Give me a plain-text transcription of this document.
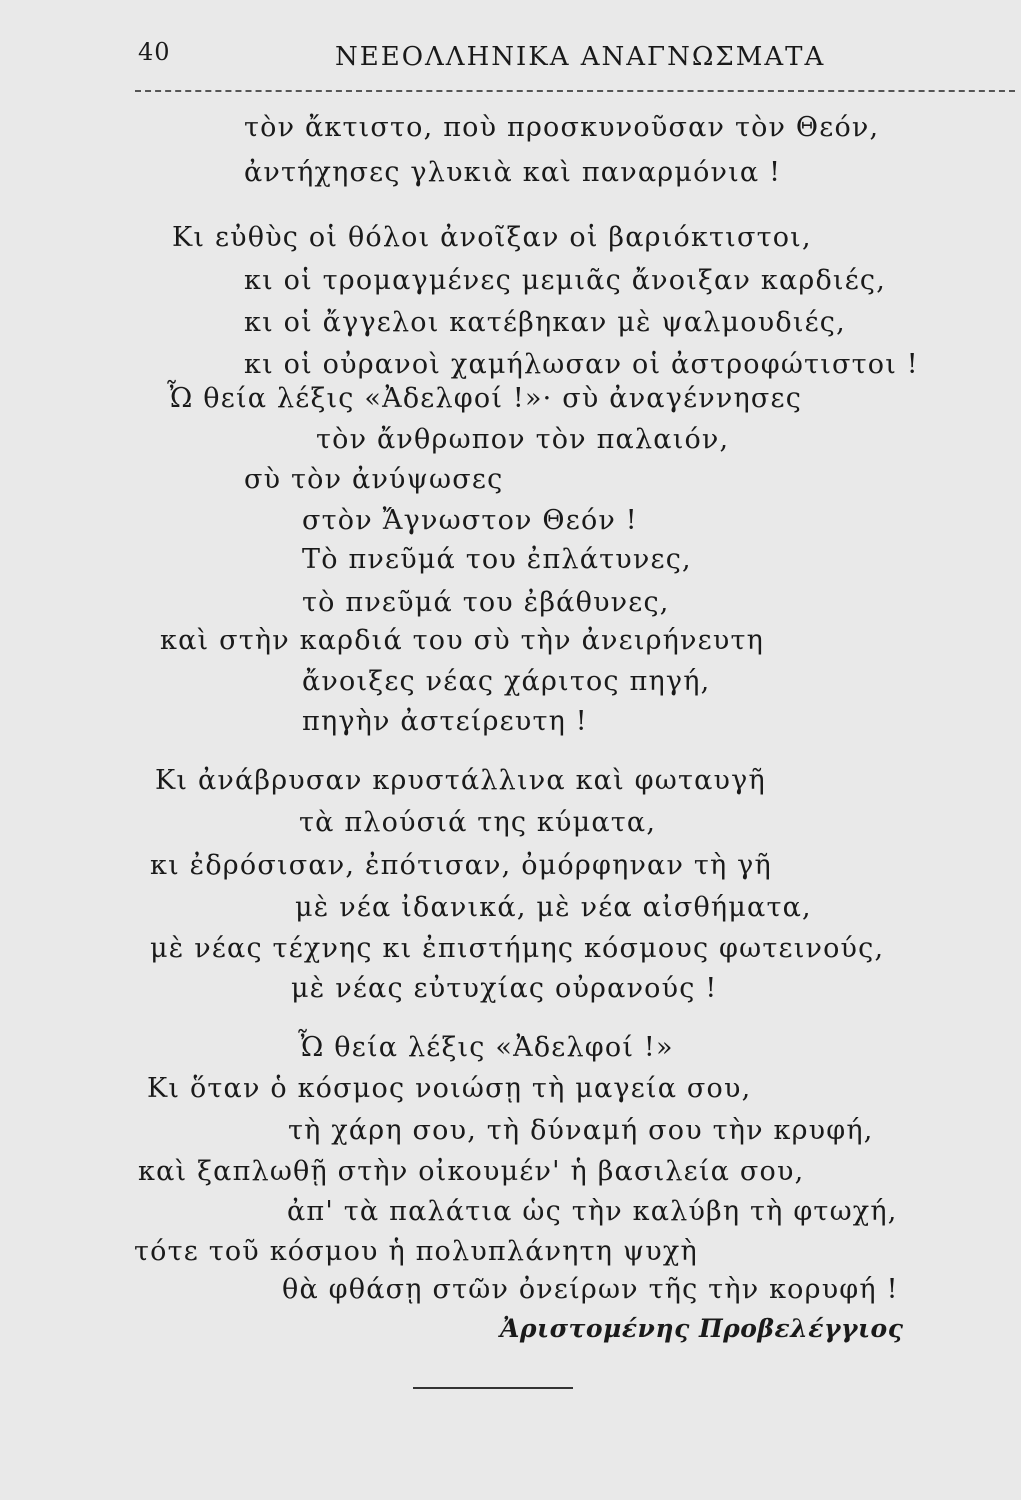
40	ΝΕΕΟΛΛΗΝΙΚΑ ΑΝΑΓΝΩΣΜΑΤΑ
τὸν ἄκτιστο, ποὺ προσκυνοῦσαν τὸν Θεόν,
ἀντήχησες γλυκιὰ καὶ παναρμόνια !
Κι εὐθὺς οἱ θόλοι ἀνοῖξαν οἱ βαριόκτιστοι,
κι οἱ τρομαγμένες μεμιᾶς ἄνοιξαν καρδιές,
κι οἱ ἄγγελοι κατέβηκαν μὲ ψαλμουδιές,
κι οἱ οὐρανοὶ χαμήλωσαν οἱ ἀστροφώτιστοι !
Ὦ θεία λέξις «Ἀδελφοί !»· σὺ ἀναγέννησες
τὸν ἄνθρωπον τὸν παλαιόν,
σὺ τὸν ἀνύψωσες
στὸν Ἄγνωστον Θεόν !
Τὸ πνεῦμά του ἐπλάτυνες,
τὸ πνεῦμά του ἐβάθυνες,
καὶ στὴν καρδιά του σὺ τὴν ἀνειρήνευτη
ἄνοιξες νέας χάριτος πηγή,
πηγὴν ἀστείρευτη !
Κι ἀνάβρυσαν κρυστάλλινα καὶ φωταυγῆ
τὰ πλούσιά της κύματα,
κι ἐδρόσισαν, ἐπότισαν, ὀμόρφηναν τὴ γῆ
μὲ νέα ἰδανικά, μὲ νέα αἰσθήματα,
μὲ νέας τέχνης κι ἐπιστήμης κόσμους φωτεινούς,
μὲ νέας εὐτυχίας οὐρανούς !
Ὦ θεία λέξις «Ἀδελφοί !»
Κι ὅταν ὁ κόσμος νοιώσῃ τὴ μαγεία σου,
τὴ χάρη σου, τὴ δύναμή σου τὴν κρυφή,
καὶ ξαπλωθῇ στὴν οἰκουμέν' ἡ βασιλεία σου,
ἀπ' τὰ παλάτια ὡς τὴν καλύβη τὴ φτωχή,
τότε τοῦ κόσμου ἡ πολυπλάνητη ψυχὴ
θὰ φθάσῃ στῶν ὀνείρων τῆς τὴν κορυφή !
Ἀριστομένης Προβελέγγιος
